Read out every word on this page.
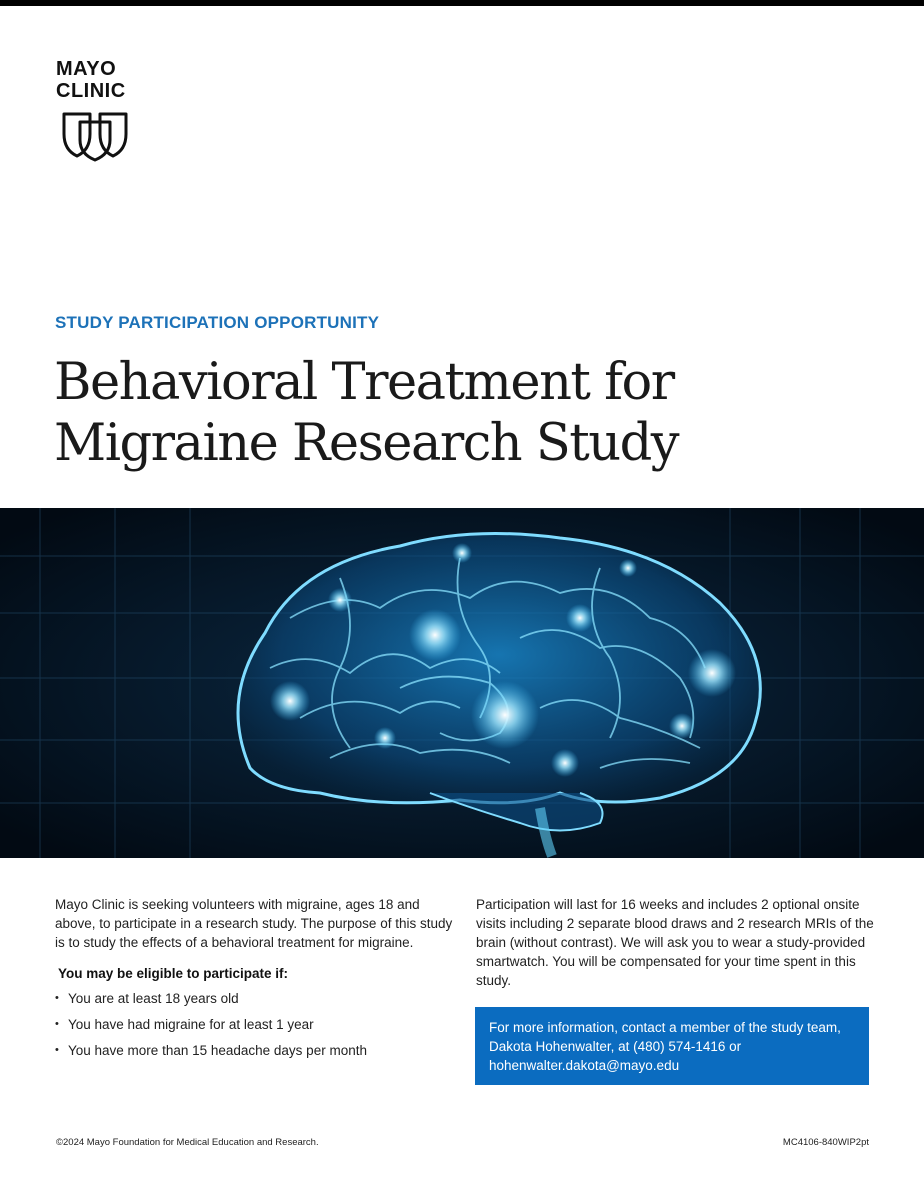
MAYO
CLINIC
STUDY PARTICIPATION OPPORTUNITY
Behavioral Treatment for
Migraine Research Study

Mayo Clinic is seeking volunteers with migraine, ages 18 and above, to participate in a research study. The purpose of this study is to study the effects of a behavioral treatment for migraine.

You may be eligible to participate if:
• You are at least 18 years old
• You have had migraine for at least 1 year
• You have more than 15 headache days per month

Participation will last for 16 weeks and includes 2 optional onsite visits including 2 separate blood draws and 2 research MRIs of the brain (without contrast). We will ask you to wear a study-provided smartwatch. You will be compensated for your time spent in this study.

For more information, contact a member of the study team,

Dakota Hohenwalter, at (480) 574-1416 or

hohenwalter.dakota@mayo.edu

©2024 Mayo Foundation for Medical Education and Research.	MC4106-840WIP2pt
